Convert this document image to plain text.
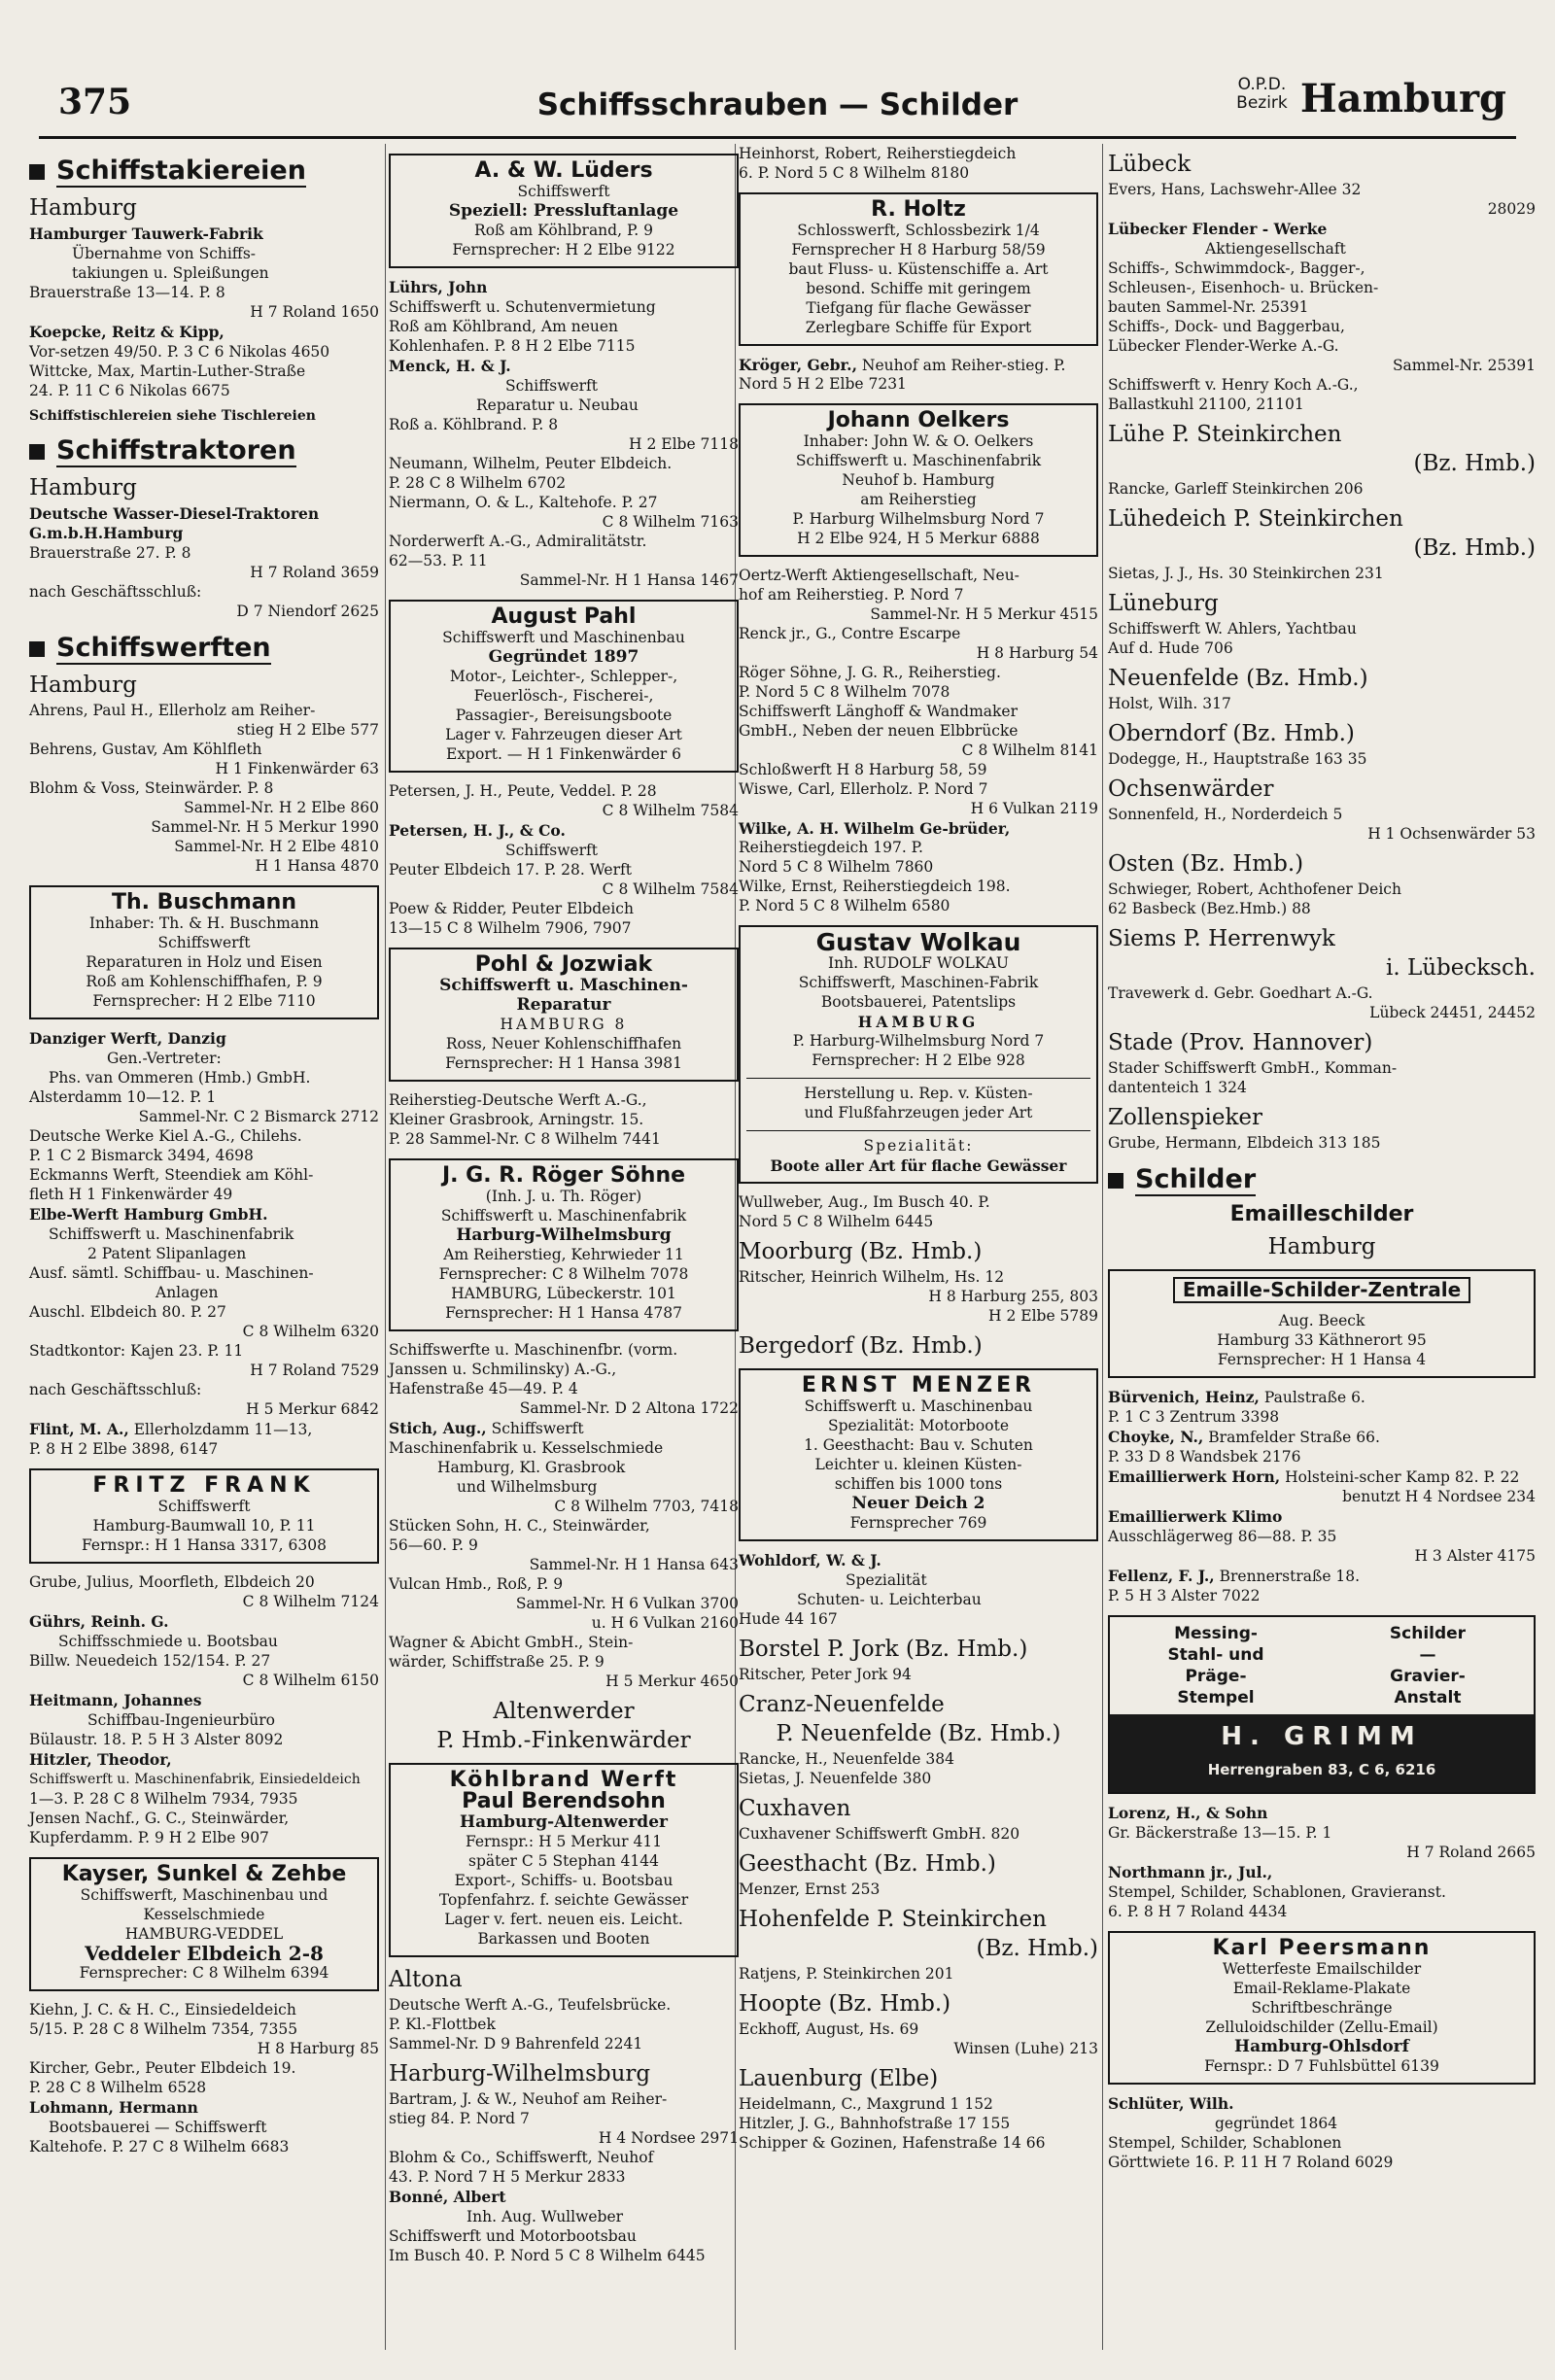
375	Schiffsschrauben — Schilder
O.P.D.
Bezirk Hamburg
Schiffstakiereien
Hamburg
Hamburger Tauwerk-Fabrik
Übernahme von Schiffs-
takiungen u. Spleißungen
Brauerstraße 13—14. P. 8
H 7 Roland 1650
Koepcke, Reitz & Kipp,
Vor-setzen 49/50. P. 3 C 6 Nikolas 4650
Wittcke, Max, Martin-Luther-Straße
24. P. 11 C 6 Nikolas 6675
Schiffstischlereien siehe Tischlereien
Schiffstraktoren
Hamburg
Deutsche Wasser-Diesel-Traktoren G.m.b.H.Hamburg
Brauerstraße 27. P. 8
H 7 Roland 3659
nach Geschäftsschluß:
D 7 Niendorf 2625
Schiffswerften
Hamburg
Ahrens, Paul H., Ellerholz am Reiher-
stieg H 2 Elbe 577
Behrens, Gustav, Am Köhlfleth
H 1 Finkenwärder 63
Blohm & Voss, Steinwärder. P. 8
Sammel-Nr. H 2 Elbe 860
Sammel-Nr. H 5 Merkur 1990
Sammel-Nr. H 2 Elbe 4810
H 1 Hansa 4870
Th. Buschmann
Inhaber: Th. & H. Buschmann
Schiffswerft
Reparaturen in Holz und Eisen
Roß am Kohlenschiffhafen, P. 9
Fernsprecher: H 2 Elbe 7110
Danziger Werft, Danzig
Gen.-Vertreter:
Phs. van Ommeren (Hmb.) GmbH.
Alsterdamm 10—12. P. 1
Sammel-Nr. C 2 Bismarck 2712
Deutsche Werke Kiel A.-G., Chilehs.
P. 1 C 2 Bismarck 3494, 4698
Eckmanns Werft, Steendiek am Köhl-
fleth H 1 Finkenwärder 49
Elbe-Werft Hamburg GmbH.
Schiffswerft u. Maschinenfabrik
2 Patent Slipanlagen
Ausf. sämtl. Schiffbau- u. Maschinen-
Anlagen
Auschl. Elbdeich 80. P. 27
C 8 Wilhelm 6320
Stadtkontor: Kajen 23. P. 11
H 7 Roland 7529
nach Geschäftsschluß:
H 5 Merkur 6842
Flint, M. A., Ellerholzdamm 11—13,
P. 8 H 2 Elbe 3898, 6147
FRITZ FRANK
Schiffswerft
Hamburg-Baumwall 10, P. 11
Fernspr.: H 1 Hansa 3317, 6308
Grube, Julius, Moorfleth, Elbdeich 20
C 8 Wilhelm 7124
Gührs, Reinh. G.
Schiffsschmiede u. Bootsbau
Billw. Neuedeich 152/154. P. 27
C 8 Wilhelm 6150
Heitmann, Johannes
Schiffbau-Ingenieurbüro
Bülaustr. 18. P. 5 H 3 Alster 8092
Hitzler, Theodor,
Schiffswerft u. Maschinenfabrik, Einsiedeldeich
1—3. P. 28 C 8 Wilhelm 7934, 7935
Jensen Nachf., G. C., Steinwärder,
Kupferdamm. P. 9 H 2 Elbe 907
Kayser, Sunkel & Zehbe
Schiffswerft, Maschinenbau und
Kesselschmiede
HAMBURG-VEDDEL
Veddeler Elbdeich 2-8
Fernsprecher: C 8 Wilhelm 6394
Kiehn, J. C. & H. C., Einsiedeldeich
5/15. P. 28 C 8 Wilhelm 7354, 7355
H 8 Harburg 85
Kircher, Gebr., Peuter Elbdeich 19.
P. 28 C 8 Wilhelm 6528
Lohmann, Hermann
Bootsbauerei — Schiffswerft
Kaltehofe. P. 27 C 8 Wilhelm 6683
A. & W. Lüders
Schiffswerft
Speziell: Pressluftanlage
Roß am Köhlbrand, P. 9
Fernsprecher: H 2 Elbe 9122
Lührs, John
Schiffswerft u. Schutenvermietung
Roß am Köhlbrand, Am neuen
Kohlenhafen. P. 8 H 2 Elbe 7115
Menck, H. & J.
Schiffswerft
Reparatur u. Neubau
Roß a. Köhlbrand. P. 8
H 2 Elbe 7118
Neumann, Wilhelm, Peuter Elbdeich.
P. 28 C 8 Wilhelm 6702
Niermann, O. & L., Kaltehofe. P. 27
C 8 Wilhelm 7163
Norderwerft A.-G., Admiralitätstr.
62—53. P. 11
Sammel-Nr. H 1 Hansa 1467
August Pahl
Schiffswerft und Maschinenbau
Gegründet 1897
Motor-, Leichter-, Schlepper-,
Feuerlösch-, Fischerei-,
Passagier-, Bereisungsboote
Lager v. Fahrzeugen dieser Art
Export. — H 1 Finkenwärder 6
Petersen, J. H., Peute, Veddel. P. 28
C 8 Wilhelm 7584
Petersen, H. J., & Co.
Schiffswerft
Peuter Elbdeich 17. P. 28. Werft
C 8 Wilhelm 7584
Poew & Ridder, Peuter Elbdeich
13—15 C 8 Wilhelm 7906, 7907
Pohl & Jozwiak
Schiffswerft u. Maschinen-
Reparatur
HAMBURG 8
Ross, Neuer Kohlenschiffhafen
Fernsprecher: H 1 Hansa 3981
Reiherstieg-Deutsche Werft A.-G.,
Kleiner Grasbrook, Arningstr. 15.
P. 28 Sammel-Nr. C 8 Wilhelm 7441
J. G. R. Röger Söhne
(Inh. J. u. Th. Röger)
Schiffswerft u. Maschinenfabrik
Harburg-Wilhelmsburg
Am Reiherstieg, Kehrwieder 11
Fernsprecher: C 8 Wilhelm 7078
HAMBURG, Lübeckerstr. 101
Fernsprecher: H 1 Hansa 4787
Schiffswerfte u. Maschinenfbr. (vorm.
Janssen u. Schmilinsky) A.-G.,
Hafenstraße 45—49. P. 4
Sammel-Nr. D 2 Altona 1722
Stich, Aug., Schiffswerft
Maschinenfabrik u. Kesselschmiede
Hamburg, Kl. Grasbrook
und Wilhelmsburg
C 8 Wilhelm 7703, 7418
Stücken Sohn, H. C., Steinwärder,
56—60. P. 9
Sammel-Nr. H 1 Hansa 643
Vulcan Hmb., Roß, P. 9
Sammel-Nr. H 6 Vulkan 3700
u. H 6 Vulkan 2160
Wagner & Abicht GmbH., Stein-
wärder, Schiffstraße 25. P. 9
H 5 Merkur 4650
Altenwerder
P. Hmb.-Finkenwärder
Köhlbrand Werft
Paul Berendsohn
Hamburg-Altenwerder
Fernspr.: H 5 Merkur 411
später C 5 Stephan 4144
Export-, Schiffs- u. Bootsbau
Topfenfahrz. f. seichte Gewässer
Lager v. fert. neuen eis. Leicht.
Barkassen und Booten
Altona
Deutsche Werft A.-G., Teufelsbrücke.
P. Kl.-Flottbek
Sammel-Nr. D 9 Bahrenfeld 2241
Harburg-Wilhelmsburg
Bartram, J. & W., Neuhof am Reiher-
stieg 84. P. Nord 7
H 4 Nordsee 2971
Blohm & Co., Schiffswerft, Neuhof
43. P. Nord 7 H 5 Merkur 2833
Bonné, Albert
Inh. Aug. Wullweber
Schiffswerft und Motorbootsbau
Im Busch 40. P. Nord 5 C 8 Wilhelm 6445
Heinhorst, Robert, Reiherstiegdeich
6. P. Nord 5 C 8 Wilhelm 8180
R. Holtz
Schlosswerft, Schlossbezirk 1/4
Fernsprecher H 8 Harburg 58/59
baut Fluss- u. Küstenschiffe a. Art
besond. Schiffe mit geringem
Tiefgang für flache Gewässer
Zerlegbare Schiffe für Export
Kröger, Gebr., Neuhof am Reiher-stieg. P. Nord 5 H 2 Elbe 7231
Johann Oelkers
Inhaber: John W. & O. Oelkers
Schiffswerft u. Maschinenfabrik
Neuhof b. Hamburg
am Reiherstieg
P. Harburg Wilhelmsburg Nord 7
H 2 Elbe 924, H 5 Merkur 6888
Oertz-Werft Aktiengesellschaft, Neu-
hof am Reiherstieg. P. Nord 7
Sammel-Nr. H 5 Merkur 4515
Renck jr., G., Contre Escarpe
H 8 Harburg 54
Röger Söhne, J. G. R., Reiherstieg.
P. Nord 5 C 8 Wilhelm 7078
Schiffswerft Länghoff & Wandmaker
GmbH., Neben der neuen Elbbrücke
C 8 Wilhelm 8141
Schloßwerft H 8 Harburg 58, 59
Wiswe, Carl, Ellerholz. P. Nord 7
H 6 Vulkan 2119
Wilke, A. H. Wilhelm Ge-brüder, Reiherstiegdeich 197. P.
Nord 5 C 8 Wilhelm 7860
Wilke, Ernst, Reiherstiegdeich 198.
P. Nord 5 C 8 Wilhelm 6580
Gustav Wolkau
Inh. RUDOLF WOLKAU
Schiffswerft, Maschinen-Fabrik
Bootsbauerei, Patentslips
HAMBURG
P. Harburg-Wilhelmsburg Nord 7
Fernsprecher: H 2 Elbe 928
Herstellung u. Rep. v. Küsten-
und Flußfahrzeugen jeder Art
Spezialität:
Boote aller Art für flache Gewässer
Wullweber, Aug., Im Busch 40. P.
Nord 5 C 8 Wilhelm 6445
Moorburg (Bz. Hmb.)
Ritscher, Heinrich Wilhelm, Hs. 12
H 8 Harburg 255, 803
H 2 Elbe 5789
Bergedorf (Bz. Hmb.)
ERNST MENZER
Schiffswerft u. Maschinenbau
Spezialität: Motorboote
1. Geesthacht: Bau v. Schuten
Leichter u. kleinen Küsten-
schiffen bis 1000 tons
Neuer Deich 2
Fernsprecher 769
Wohldorf, W. & J.
Spezialität
Schuten- u. Leichterbau
Hude 44 167
Borstel P. Jork (Bz. Hmb.)
Ritscher, Peter Jork 94
Cranz-Neuenfelde
P. Neuenfelde (Bz. Hmb.)
Rancke, H., Neuenfelde 384
Sietas, J. Neuenfelde 380
Cuxhaven
Cuxhavener Schiffswerft GmbH. 820
Geesthacht (Bz. Hmb.)
Menzer, Ernst 253
Hohenfelde P. Steinkirchen
(Bz. Hmb.)
Ratjens, P. Steinkirchen 201
Hoopte (Bz. Hmb.)
Eckhoff, August, Hs. 69
Winsen (Luhe) 213
Lauenburg (Elbe)
Heidelmann, C., Maxgrund 1 152
Hitzler, J. G., Bahnhofstraße 17 155
Schipper & Gozinen, Hafenstraße 14 66
Lübeck
Evers, Hans, Lachswehr-Allee 32
28029
Lübecker Flender - Werke
Aktiengesellschaft
Schiffs-, Schwimmdock-, Bagger-,
Schleusen-, Eisenhoch- u. Brücken-
bauten Sammel-Nr. 25391
Schiffs-, Dock- und Baggerbau,
Lübecker Flender-Werke A.-G.
Sammel-Nr. 25391
Schiffswerft v. Henry Koch A.-G.,
Ballastkuhl 21100, 21101
Lühe P. Steinkirchen
(Bz. Hmb.)
Rancke, Garleff Steinkirchen 206
Lühedeich P. Steinkirchen
(Bz. Hmb.)
Sietas, J. J., Hs. 30 Steinkirchen 231
Lüneburg
Schiffswerft W. Ahlers, Yachtbau
Auf d. Hude 706
Neuenfelde (Bz. Hmb.)
Holst, Wilh. 317
Oberndorf (Bz. Hmb.)
Dodegge, H., Hauptstraße 163 35
Ochsenwärder
Sonnenfeld, H., Norderdeich 5
H 1 Ochsenwärder 53
Osten (Bz. Hmb.)
Schwieger, Robert, Achthofener Deich
62 Basbeck (Bez.Hmb.) 88
Siems P. Herrenwyk
i. Lübecksch.
Travewerk d. Gebr. Goedhart A.-G.
Lübeck 24451, 24452
Stade (Prov. Hannover)
Stader Schiffswerft GmbH., Komman-
dantenteich 1 324
Zollenspieker
Grube, Hermann, Elbdeich 313 185
Schilder
Emailleschilder
Hamburg
Emaille-Schilder-Zentrale
Aug. Beeck
Hamburg 33 Käthnerort 95
Fernsprecher: H 1 Hansa 4
Bürvenich, Heinz, Paulstraße 6.
P. 1 C 3 Zentrum 3398
Choyke, N., Bramfelder Straße 66.
P. 33 D 8 Wandsbek 2176
Emaillierwerk Horn, Holsteini-scher Kamp 82. P. 22
benutzt H 4 Nordsee 234
Emaillierwerk Klimo
Ausschlägerweg 86—88. P. 35
H 3 Alster 4175
Fellenz, F. J., Brennerstraße 18.
P. 5 H 3 Alster 7022
Messing-
Stahl- und
Präge-
Stempel
Schilder
—
Gravier-
Anstalt
H. GRIMM
Herrengraben 83, C 6, 6216
Lorenz, H., & Sohn
Gr. Bäckerstraße 13—15. P. 1
H 7 Roland 2665
Northmann jr., Jul.,
Stempel, Schilder, Schablonen, Gravieranst.
6. P. 8 H 7 Roland 4434
Karl Peersmann
Wetterfeste Emailschilder
Email-Reklame-Plakate
Schriftbeschränge
Zelluloidschilder (Zellu-Email)
Hamburg-Ohlsdorf
Fernspr.: D 7 Fuhlsbüttel 6139
Schlüter, Wilh.
gegründet 1864
Stempel, Schilder, Schablonen
Görttwiete 16. P. 11 H 7 Roland 6029
